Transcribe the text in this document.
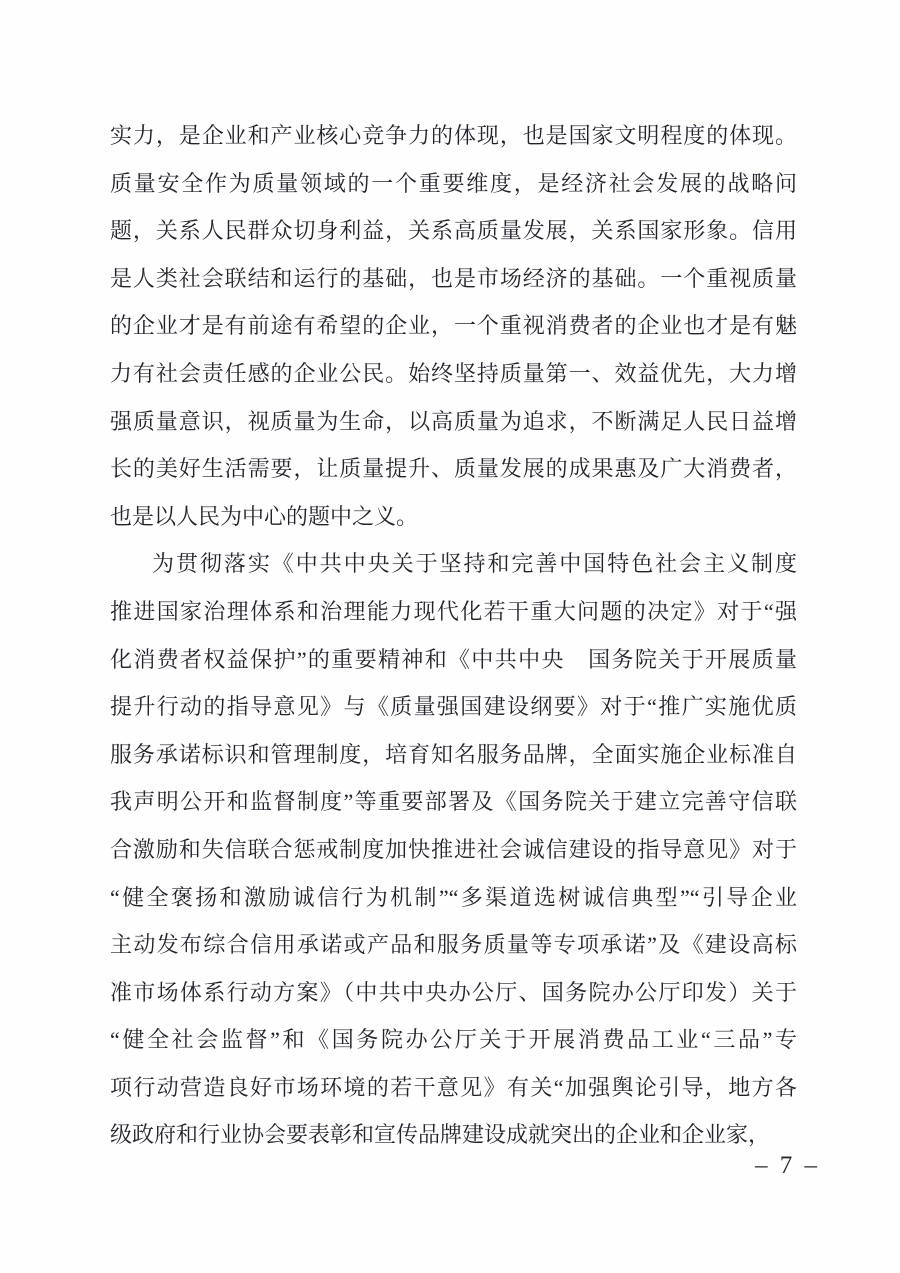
实力，是企业和产业核心竞争力的体现，也是国家文明程度的体现。
质量安全作为质量领域的一个重要维度，是经济社会发展的战略问
题，关系人民群众切身利益，关系高质量发展，关系国家形象。信用
是人类社会联结和运行的基础，也是市场经济的基础。一个重视质量
的企业才是有前途有希望的企业，一个重视消费者的企业也才是有魅
力有社会责任感的企业公民。始终坚持质量第一、效益优先，大力增
强质量意识，视质量为生命，以高质量为追求，不断满足人民日益增
长的美好生活需要，让质量提升、质量发展的成果惠及广大消费者，
也是以人民为中心的题中之义。
为贯彻落实《中共中央关于坚持和完善中国特色社会主义制度
推进国家治理体系和治理能力现代化若干重大问题的决定》对于“强
化消费者权益保护”的重要精神和《中共中央　国务院关于开展质量
提升行动的指导意见》与《质量强国建设纲要》对于“推广实施优质
服务承诺标识和管理制度，培育知名服务品牌，全面实施企业标准自
我声明公开和监督制度”等重要部署及《国务院关于建立完善守信联
合激励和失信联合惩戒制度加快推进社会诚信建设的指导意见》对于
“健全褒扬和激励诚信行为机制”“多渠道选树诚信典型”“引导企业
主动发布综合信用承诺或产品和服务质量等专项承诺”及《建设高标
准市场体系行动方案》（中共中央办公厅、国务院办公厅印发）关于
“健全社会监督”和《国务院办公厅关于开展消费品工业“三品”专
项行动营造良好市场环境的若干意见》有关“加强舆论引导，地方各
级政府和行业协会要表彰和宣传品牌建设成就突出的企业和企业家，
– 7 –
